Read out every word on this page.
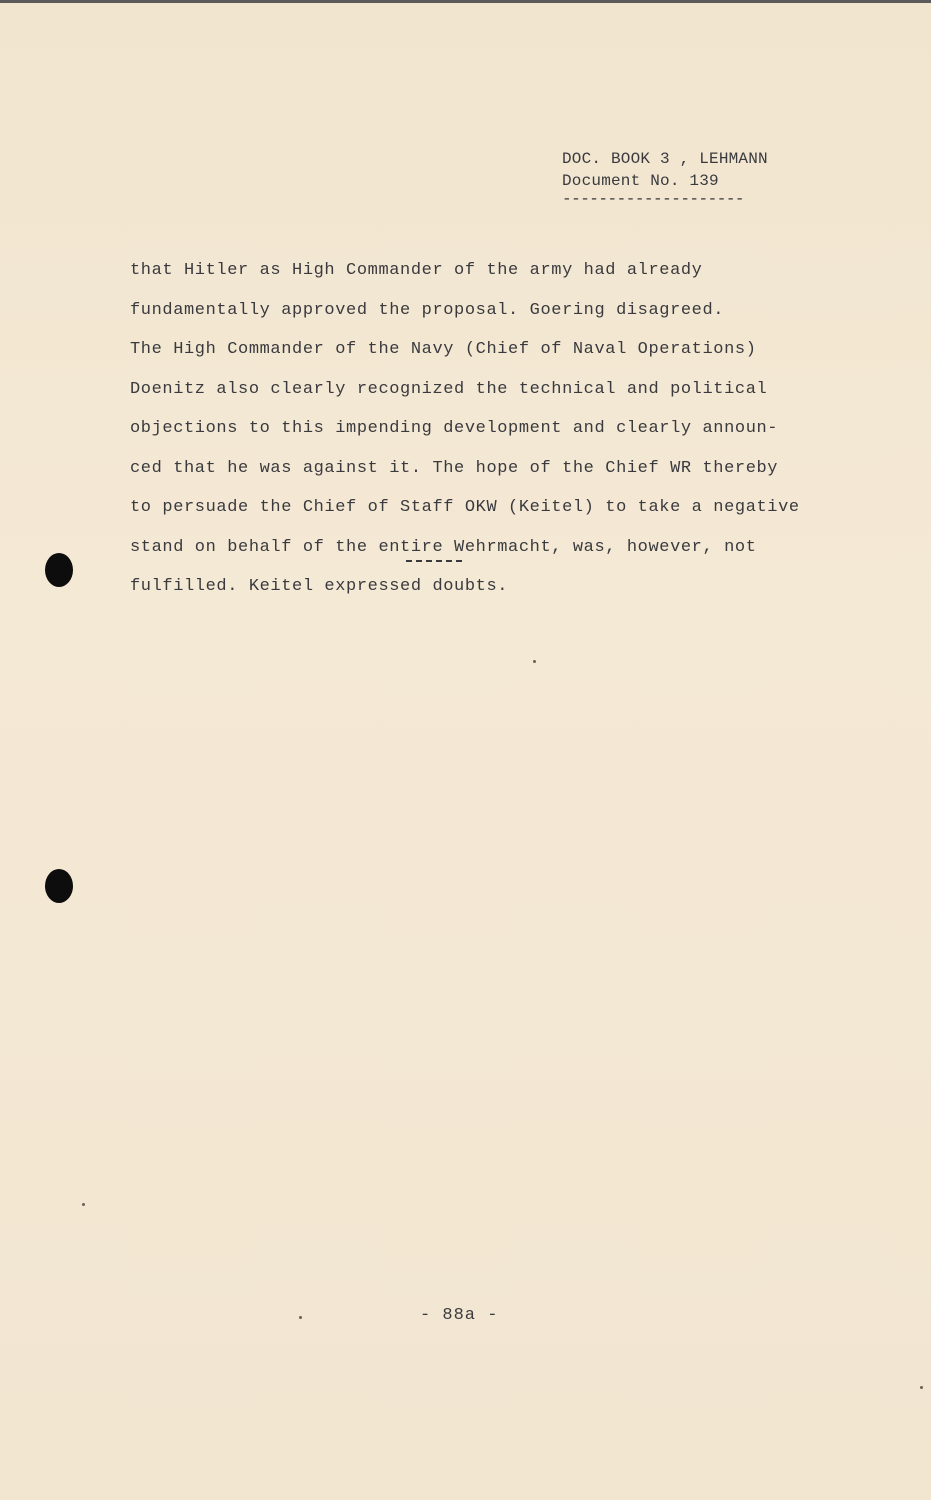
DOC. BOOK 3 , LEHMANN
Document No. 139
--------------------
that Hitler as High Commander of the army had already
fundamentally approved the proposal. Goering disagreed.
The High Commander of the Navy (Chief of Naval Operations)
Doenitz also clearly recognized the technical and political
objections to this impending development and clearly announ-
ced that he was against it. The hope of the Chief WR thereby
to persuade the Chief of Staff OKW (Keitel) to take a negative
stand on behalf of the entire Wehrmacht, was, however, not
fulfilled. Keitel expressed doubts.
- 88a -
